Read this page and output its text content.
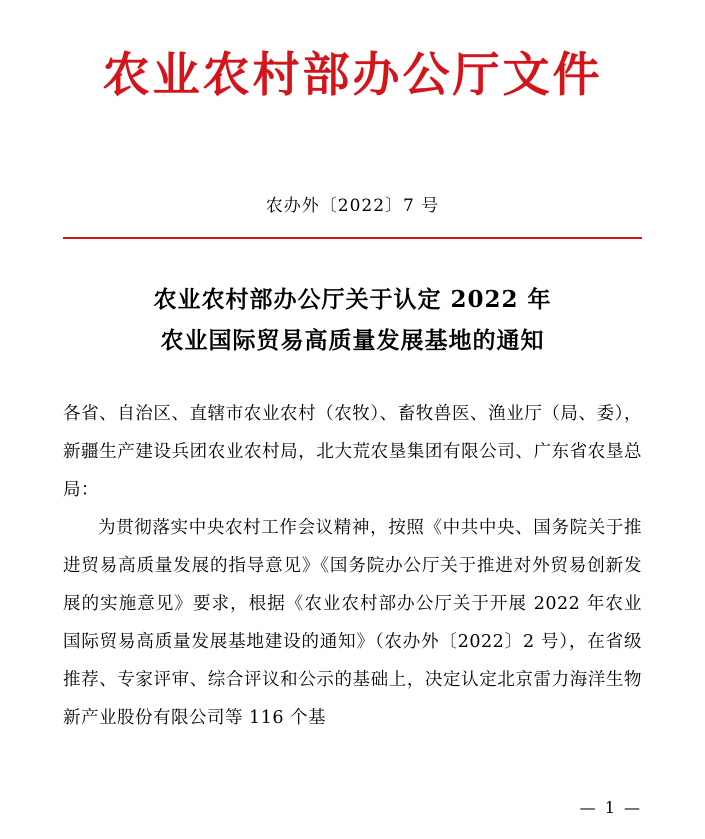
农业农村部办公厅文件
农办外〔2022〕7 号
农业农村部办公厅关于认定 2022 年
农业国际贸易高质量发展基地的通知

各省、自治区、直辖市农业农村（农牧）、畜牧兽医、渔业厅（局、委），新疆生产建设兵团农业农村局，北大荒农垦集团有限公司、广东省农垦总局：

为贯彻落实中央农村工作会议精神，按照《中共中央、国务院关于推进贸易高质量发展的指导意见》《国务院办公厅关于推进对外贸易创新发展的实施意见》要求，根据《农业农村部办公厅关于开展 2022 年农业国际贸易高质量发展基地建设的通知》（农办外〔2022〕2 号），在省级推荐、专家评审、综合评议和公示的基础上，决定认定北京雷力海洋生物新产业股份有限公司等 116 个基

— 1 —
